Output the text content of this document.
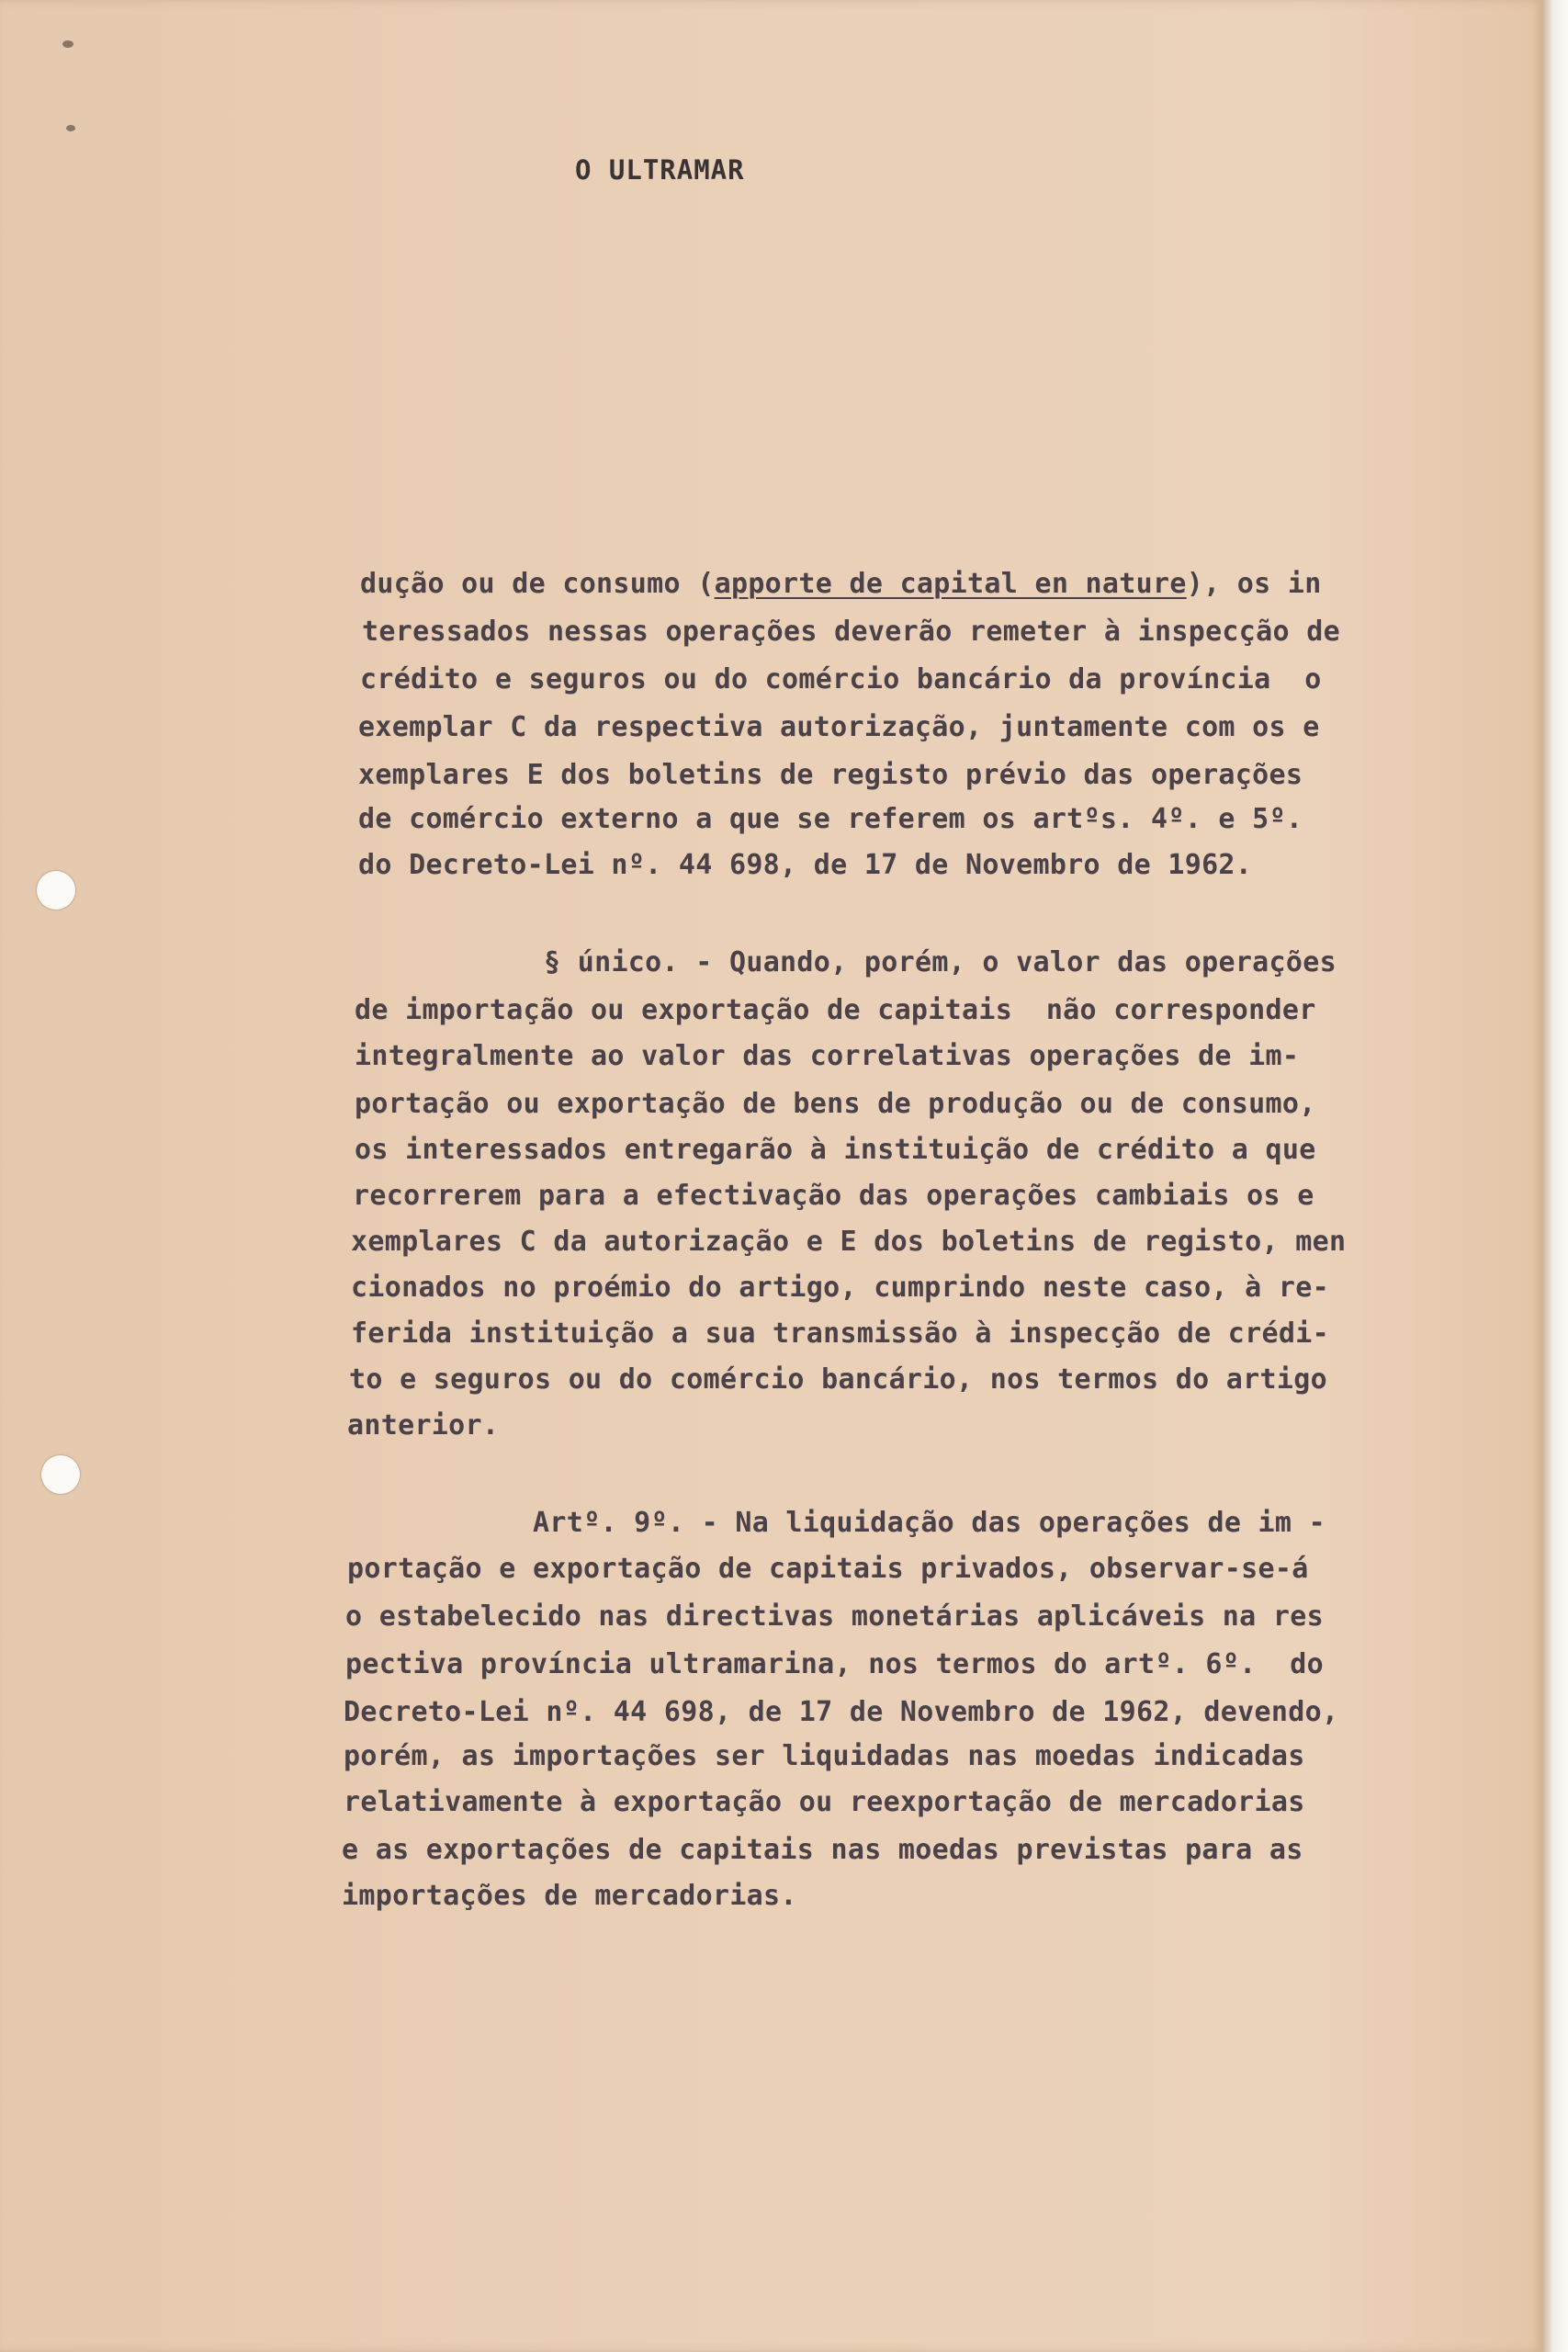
O ULTRAMAR
dução ou de consumo (apporte de capital en nature), os in
teressados nessas operações deverão remeter à inspecção de
crédito e seguros ou do comércio bancário da província  o
exemplar C da respectiva autorização, juntamente com os e
xemplares E dos boletins de registo prévio das operações
de comércio externo a que se referem os artºs. 4º. e 5º.
do Decreto-Lei nº. 44 698, de 17 de Novembro de 1962.
§ único. - Quando, porém, o valor das operações
de importação ou exportação de capitais  não corresponder
integralmente ao valor das correlativas operações de im-
portação ou exportação de bens de produção ou de consumo,
os interessados entregarão à instituição de crédito a que
recorrerem para a efectivação das operações cambiais os e
xemplares C da autorização e E dos boletins de registo, men
cionados no proémio do artigo, cumprindo neste caso, à re-
ferida instituição a sua transmissão à inspecção de crédi-
to e seguros ou do comércio bancário, nos termos do artigo
anterior.
Artº. 9º. - Na liquidação das operações de im -
portação e exportação de capitais privados, observar-se-á
o estabelecido nas directivas monetárias aplicáveis na res
pectiva província ultramarina, nos termos do artº. 6º.  do
Decreto-Lei nº. 44 698, de 17 de Novembro de 1962, devendo,
porém, as importações ser liquidadas nas moedas indicadas
relativamente à exportação ou reexportação de mercadorias
e as exportações de capitais nas moedas previstas para as
importações de mercadorias.
